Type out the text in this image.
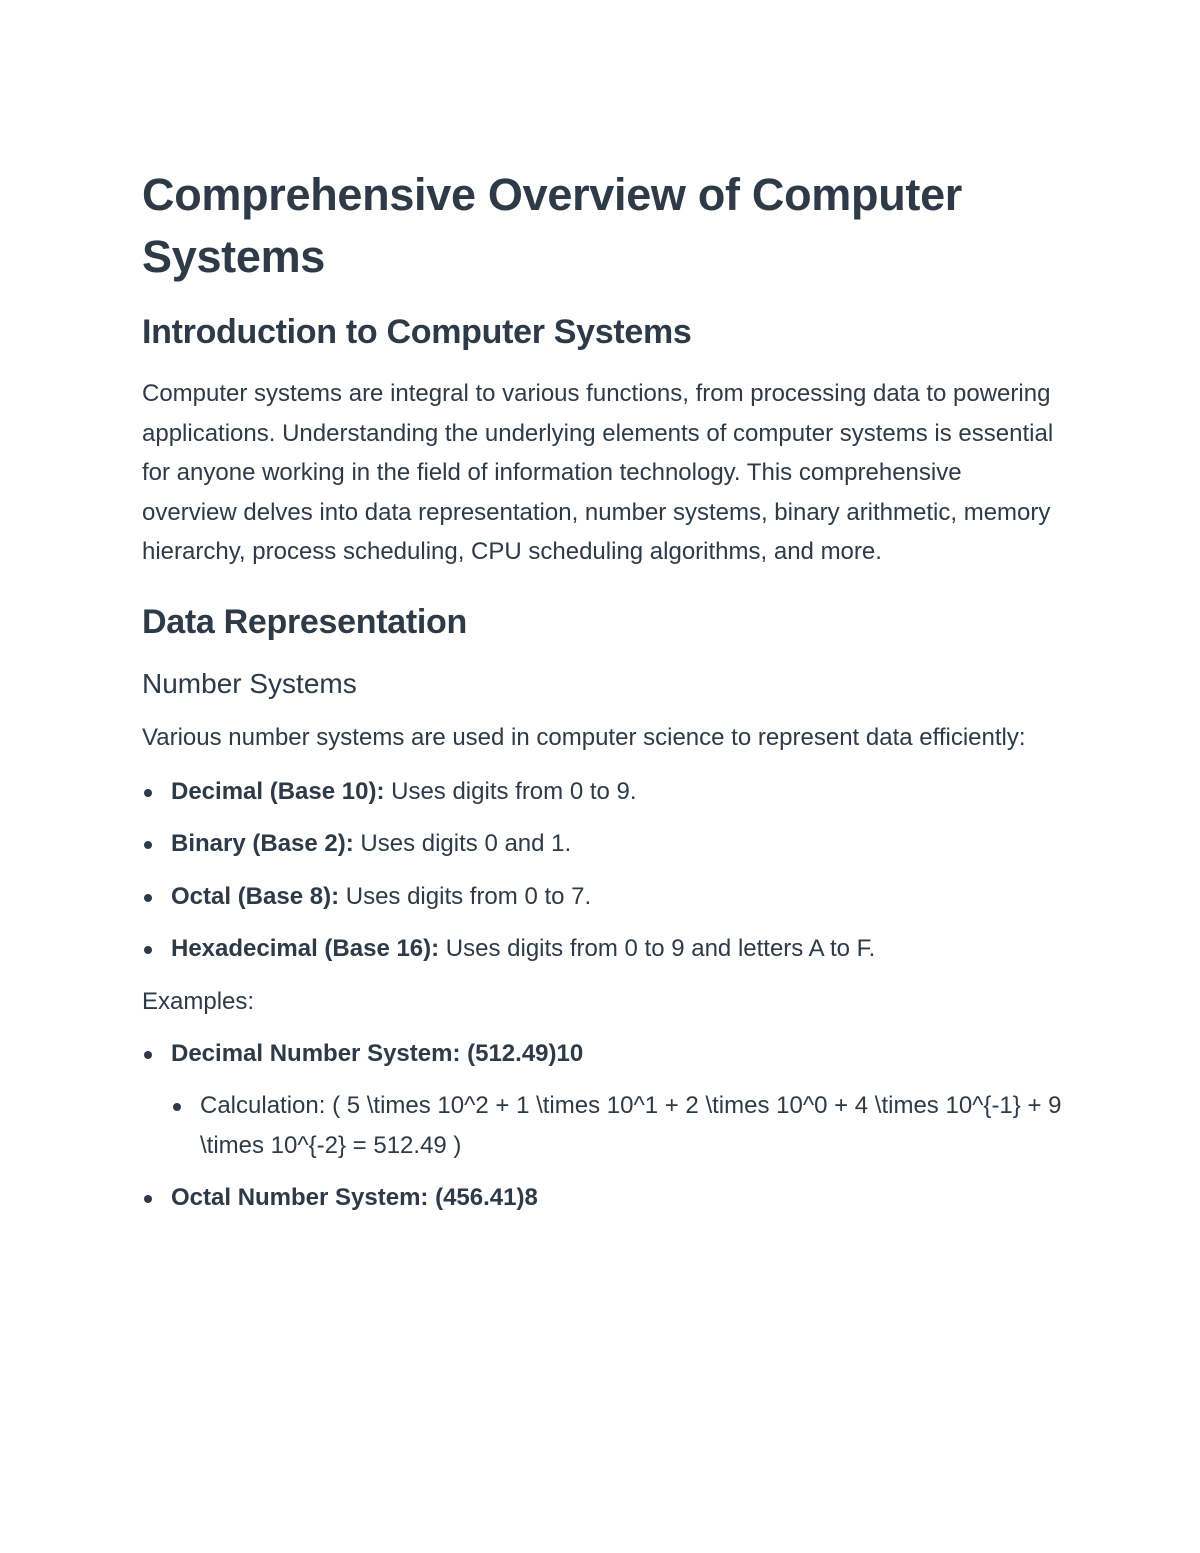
Comprehensive Overview of Computer Systems
Introduction to Computer Systems

Computer systems are integral to various functions, from processing data to powering applications. Understanding the underlying elements of computer systems is essential for anyone working in the field of information technology. This comprehensive overview delves into data representation, number systems, binary arithmetic, memory hierarchy, process scheduling, CPU scheduling algorithms, and more.

Data Representation
Number Systems

Various number systems are used in computer science to represent data efficiently:

Decimal (Base 10): Uses digits from 0 to 9.
Binary (Base 2): Uses digits 0 and 1.
Octal (Base 8): Uses digits from 0 to 7.
Hexadecimal (Base 16): Uses digits from 0 to 9 and letters A to F.

Examples:

Decimal Number System: (512.49)10
Calculation: ( 5 \times 10^2 + 1 \times 10^1 + 2 \times 10^0 + 4 \times 10^{-1} + 9 \times 10^{-2} = 512.49 )
Octal Number System: (456.41)8
